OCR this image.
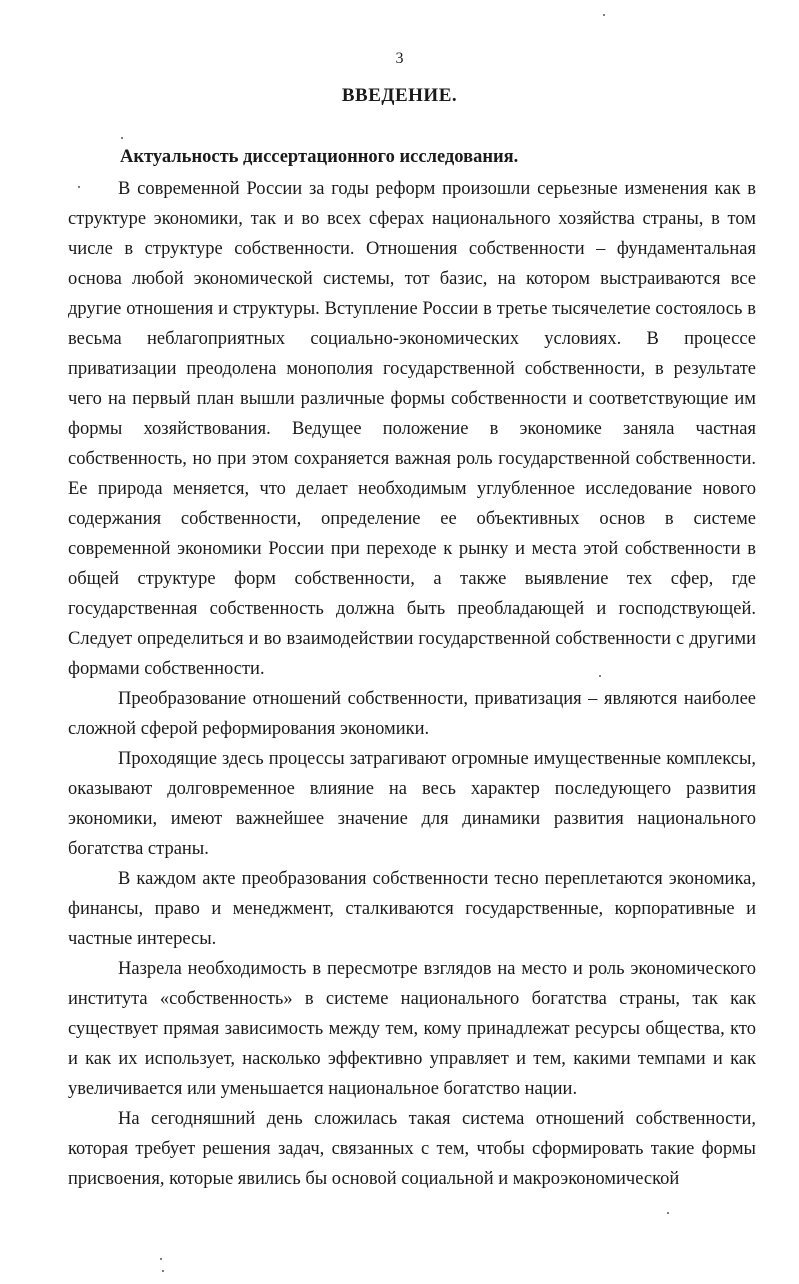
3
ВВЕДЕНИЕ.
Актуальность диссертационного исследования.

В современной России за годы реформ произошли серьезные изменения как в структуре экономики, так и во всех сферах национального хозяйства страны, в том числе в структуре собственности. Отношения собственности – фундаментальная основа любой экономической системы, тот базис, на котором выстраиваются все другие отношения и структуры. Вступление России в третье тысячелетие состоялось в весьма неблагоприятных социально-экономических условиях. В процессе приватизации преодолена монополия государственной собственности, в результате чего на первый план вышли различные формы собственности и соответствующие им формы хозяйствования. Ведущее положение в экономике заняла частная собственность, но при этом сохраняется важная роль государственной собственности. Ее природа меняется, что делает необходимым углубленное исследование нового содержания собственности, определение ее объективных основ в системе современной экономики России при переходе к рынку и места этой собственности в общей структуре форм собственности, а также выявление тех сфер, где государственная собственность должна быть преобладающей и господствующей. Следует определиться и во взаимодействии государственной собственности с другими формами собственности.

Преобразование отношений собственности, приватизация – являются наиболее сложной сферой реформирования экономики.

Проходящие здесь процессы затрагивают огромные имущественные комплексы, оказывают долговременное влияние на весь характер последующего развития экономики, имеют важнейшее значение для динамики развития национального богатства страны.

В каждом акте преобразования собственности тесно переплетаются экономика, финансы, право и менеджмент, сталкиваются государственные, корпоративные и частные интересы.

Назрела необходимость в пересмотре взглядов на место и роль экономического института «собственность» в системе национального богатства страны, так как существует прямая зависимость между тем, кому принадлежат ресурсы общества, кто и как их использует, насколько эффективно управляет и тем, какими темпами и как увеличивается или уменьшается национальное богатство нации.

На сегодняшний день сложилась такая система отношений собственности, которая требует решения задач, связанных с тем, чтобы сформировать такие формы присвоения, которые явились бы основой социальной и макроэкономической
